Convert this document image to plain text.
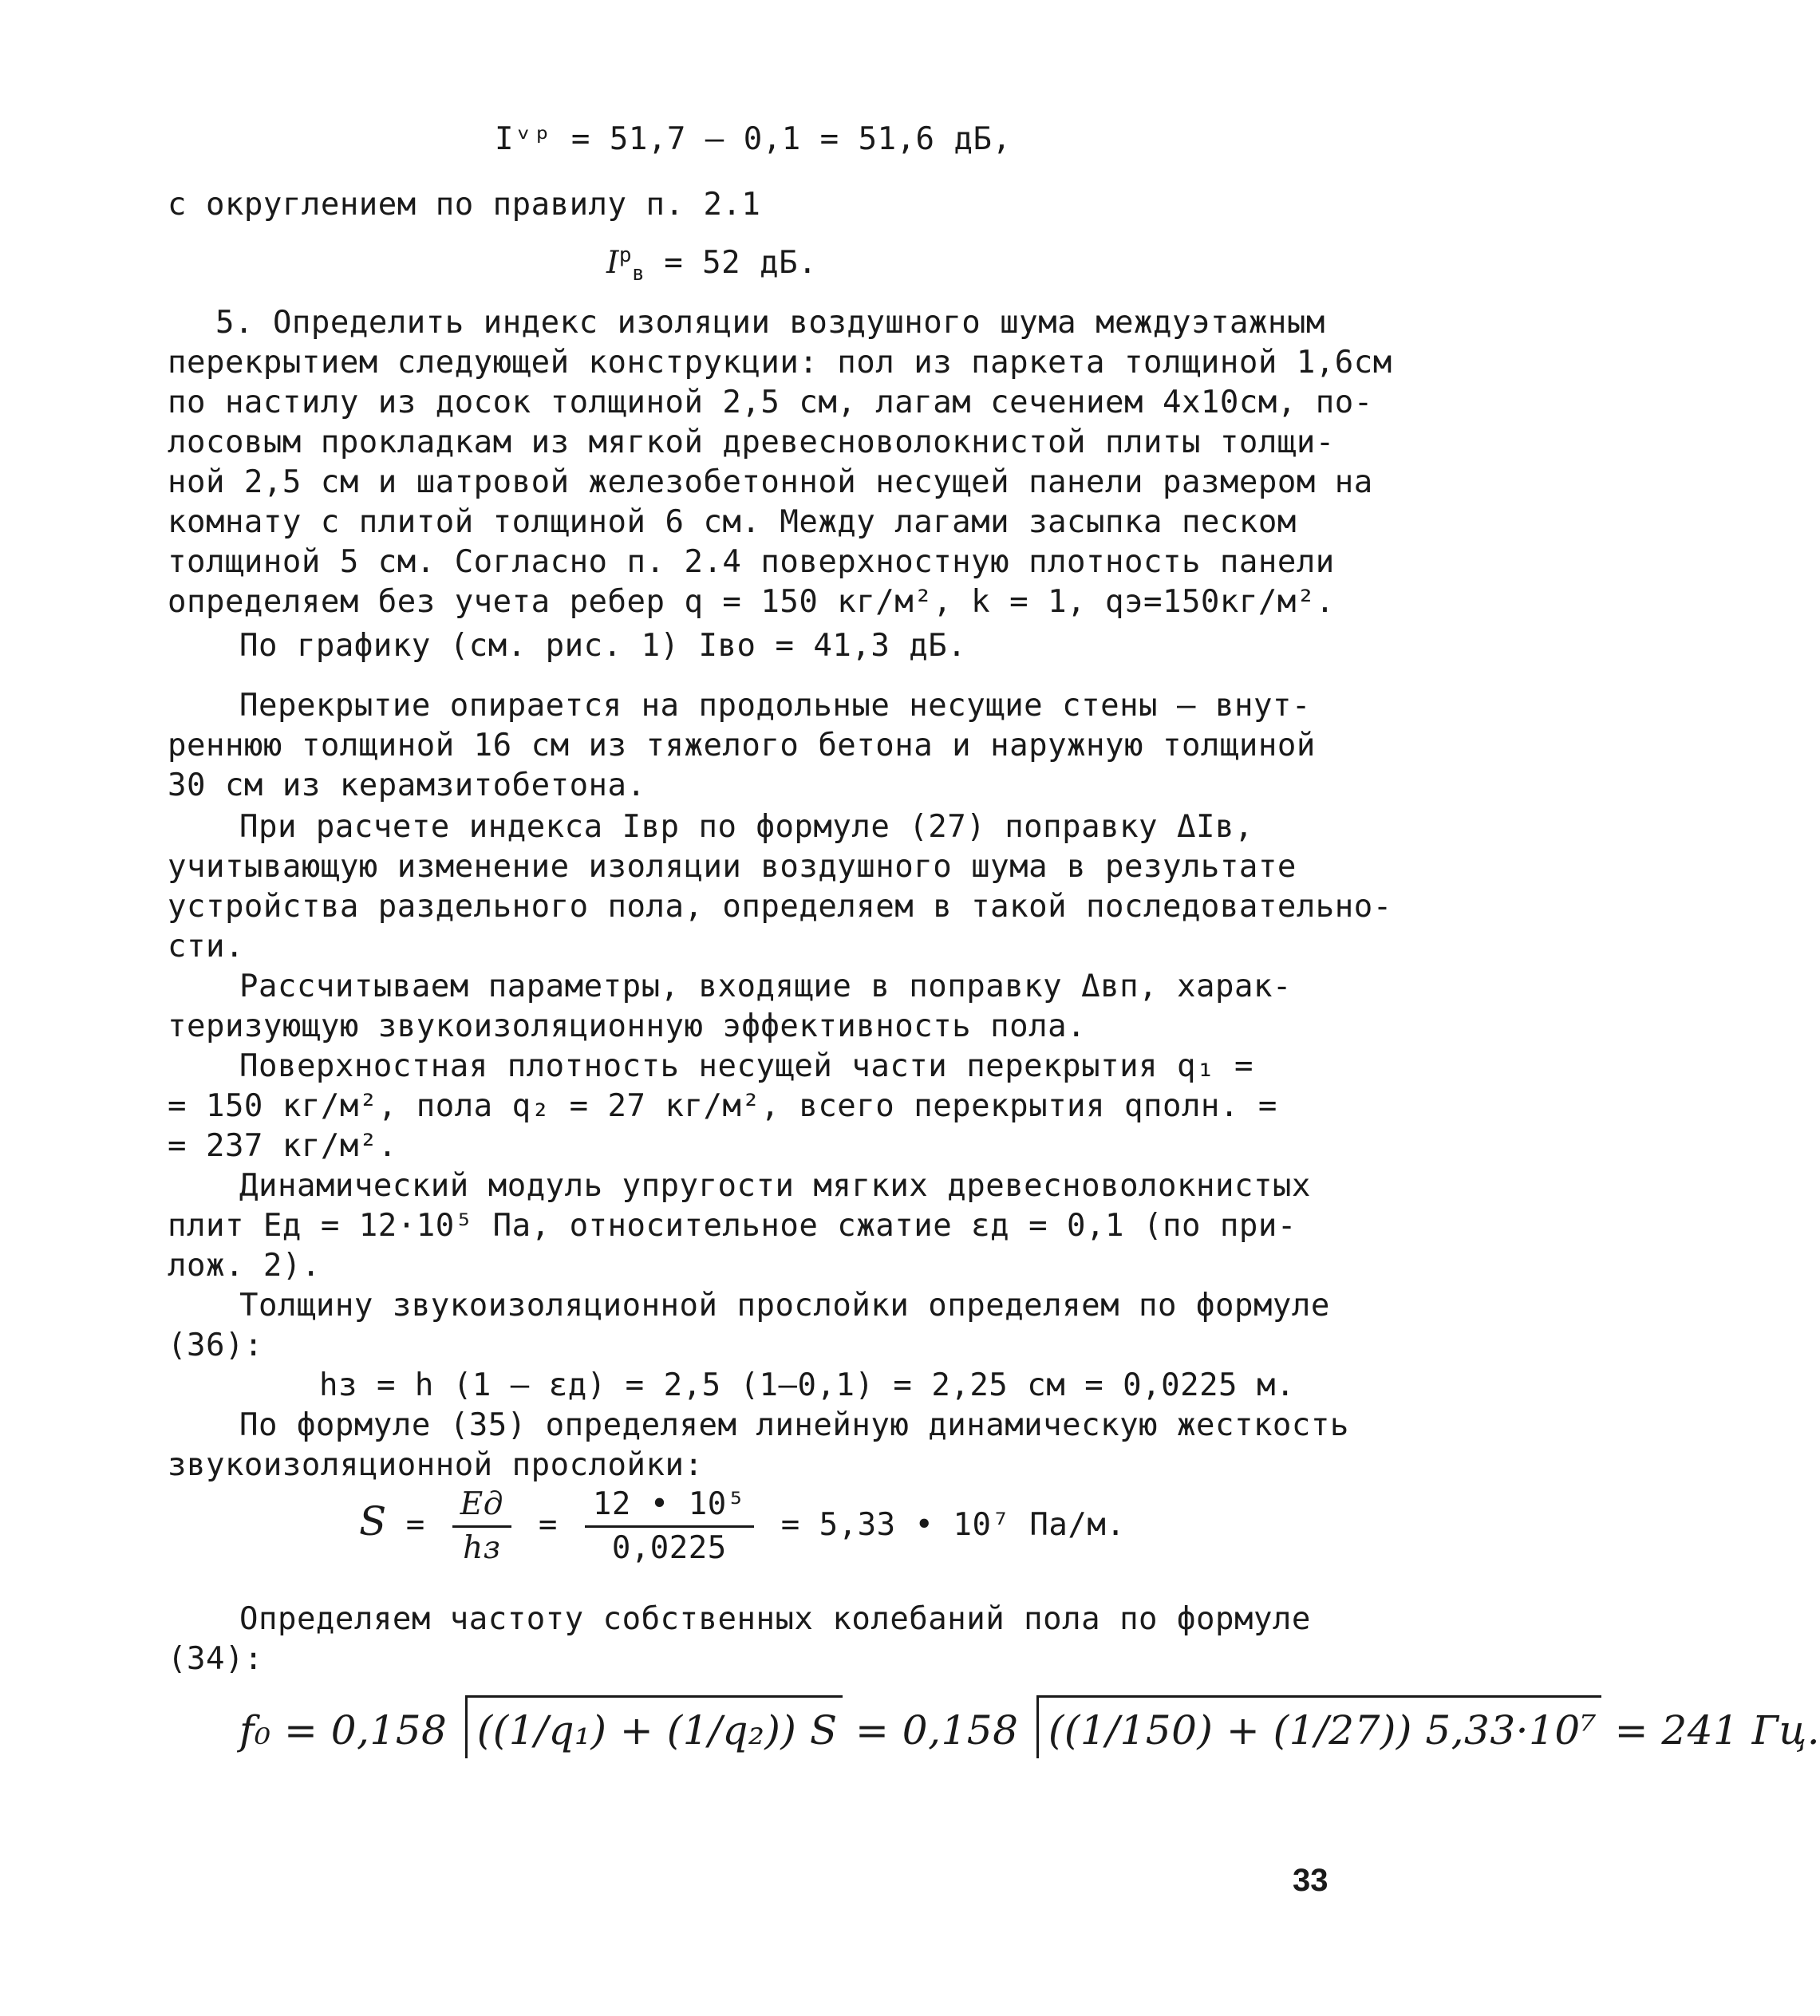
Iᵛᵖ = 51,7 – 0,1 = 51,6 дБ,
с округлением по правилу п. 2.1
$I^p_в = 52$ дБ.
5. Определить индекс изоляции воздушного шума междуэтажным
перекрытием следующей конструкции: пол из паркета толщиной 1,6см
по настилу из досок толщиной 2,5 см, лагам сечением 4х10см, по-
лосовым прокладкам из мягкой древесноволокнистой плиты толщи-
ной 2,5 см и шатровой железобетонной несущей панели размером на
комнату с плитой толщиной 6 см. Между лагами засыпка песком
толщиной 5 см. Согласно п. 2.4 поверхностную плотность панели
определяем без учета ребер q = 150 кг/м², k = 1, qэ=150кг/м².
По графику (см. рис. 1) Iво = 41,3 дБ.
Перекрытие опирается на продольные несущие стены – внут-
реннюю толщиной 16 см из тяжелого бетона и наружную толщиной
30 см из керамзитобетона.
При расчете индекса Iвр по формуле (27) поправку ΔIв,
учитывающую изменение изоляции воздушного шума в результате
устройства раздельного пола, определяем в такой последовательно-
сти.
Рассчитываем параметры, входящие в поправку Δвп, харак-
теризующую звукоизоляционную эффективность пола.
Поверхностная плотность несущей части перекрытия q₁ =
= 150 кг/м², пола q₂ = 27 кг/м², всего перекрытия qполн. =
= 237 кг/м².
Динамический модуль упругости мягких древесноволокнистых
плит Eд = 12·10⁵ Па, относительное сжатие εд = 0,1 (по при-
лож. 2).
Толщину звукоизоляционной прослойки определяем по формуле
(36):
hз = h (1 – εд) = 2,5 (1–0,1) = 2,25 см = 0,0225 м.
По формуле (35) определяем линейную динамическую жесткость
звукоизоляционной прослойки:
$S = \frac{Eд}{hз} = \frac{\text{12 • 10⁵}}{0,0225} = 5,33$ • 10⁷ Па/м.
Определяем частоту собственных колебаний пола по формуле
(34):
f₀ = 0,158 ((1/q₁) + (1/q₂)) S = 0,158 ((1/150) + (1/27)) 5,33·10⁷ = 241 Гц.
33
